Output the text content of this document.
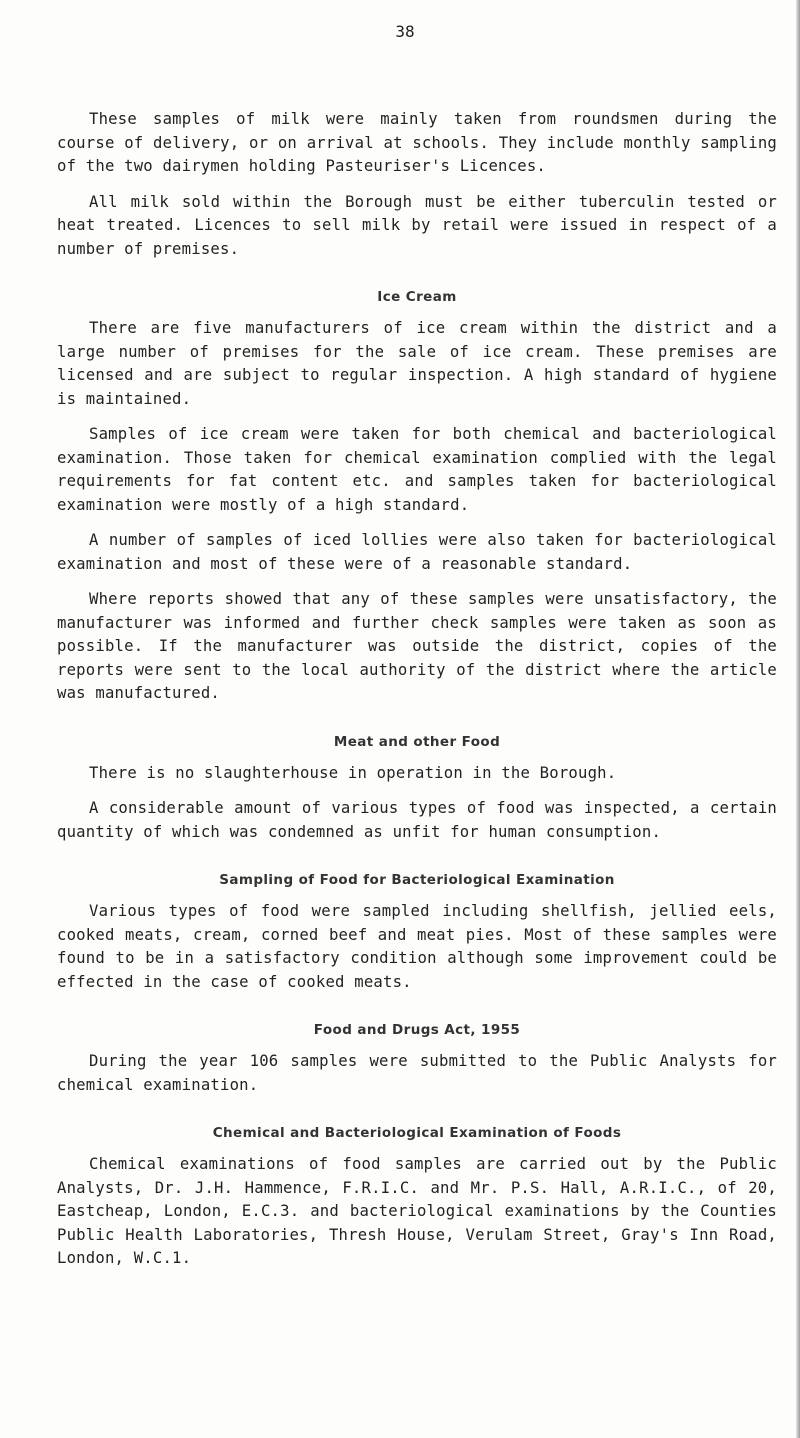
38

These samples of milk were mainly taken from roundsmen during the course of delivery, or on arrival at schools. They include monthly sampling of the two dairymen holding Pasteuriser's Licences.

All milk sold within the Borough must be either tuberculin tested or heat treated. Licences to sell milk by retail were issued in respect of a number of premises.

Ice Cream

There are five manufacturers of ice cream within the district and a large number of premises for the sale of ice cream. These premises are licensed and are subject to regular inspection. A high standard of hygiene is maintained.

Samples of ice cream were taken for both chemical and bacteriological examination. Those taken for chemical examination complied with the legal requirements for fat content etc. and samples taken for bacteriological examination were mostly of a high standard.

A number of samples of iced lollies were also taken for bacteriological examination and most of these were of a reasonable standard.

Where reports showed that any of these samples were unsatisfactory, the manufacturer was informed and further check samples were taken as soon as possible. If the manufacturer was outside the district, copies of the reports were sent to the local authority of the district where the article was manufactured.

Meat and other Food

There is no slaughterhouse in operation in the Borough.

A considerable amount of various types of food was inspected, a certain quantity of which was condemned as unfit for human consumption.

Sampling of Food for Bacteriological Examination

Various types of food were sampled including shellfish, jellied eels, cooked meats, cream, corned beef and meat pies. Most of these samples were found to be in a satisfactory condition although some improvement could be effected in the case of cooked meats.

Food and Drugs Act, 1955

During the year 106 samples were submitted to the Public Analysts for chemical examination.

Chemical and Bacteriological Examination of Foods

Chemical examinations of food samples are carried out by the Public Analysts, Dr. J.H. Hammence, F.R.I.C. and Mr. P.S. Hall, A.R.I.C., of 20, Eastcheap, London, E.C.3. and bacteriological examinations by the Counties Public Health Laboratories, Thresh House, Verulam Street, Gray's Inn Road, London, W.C.1.
